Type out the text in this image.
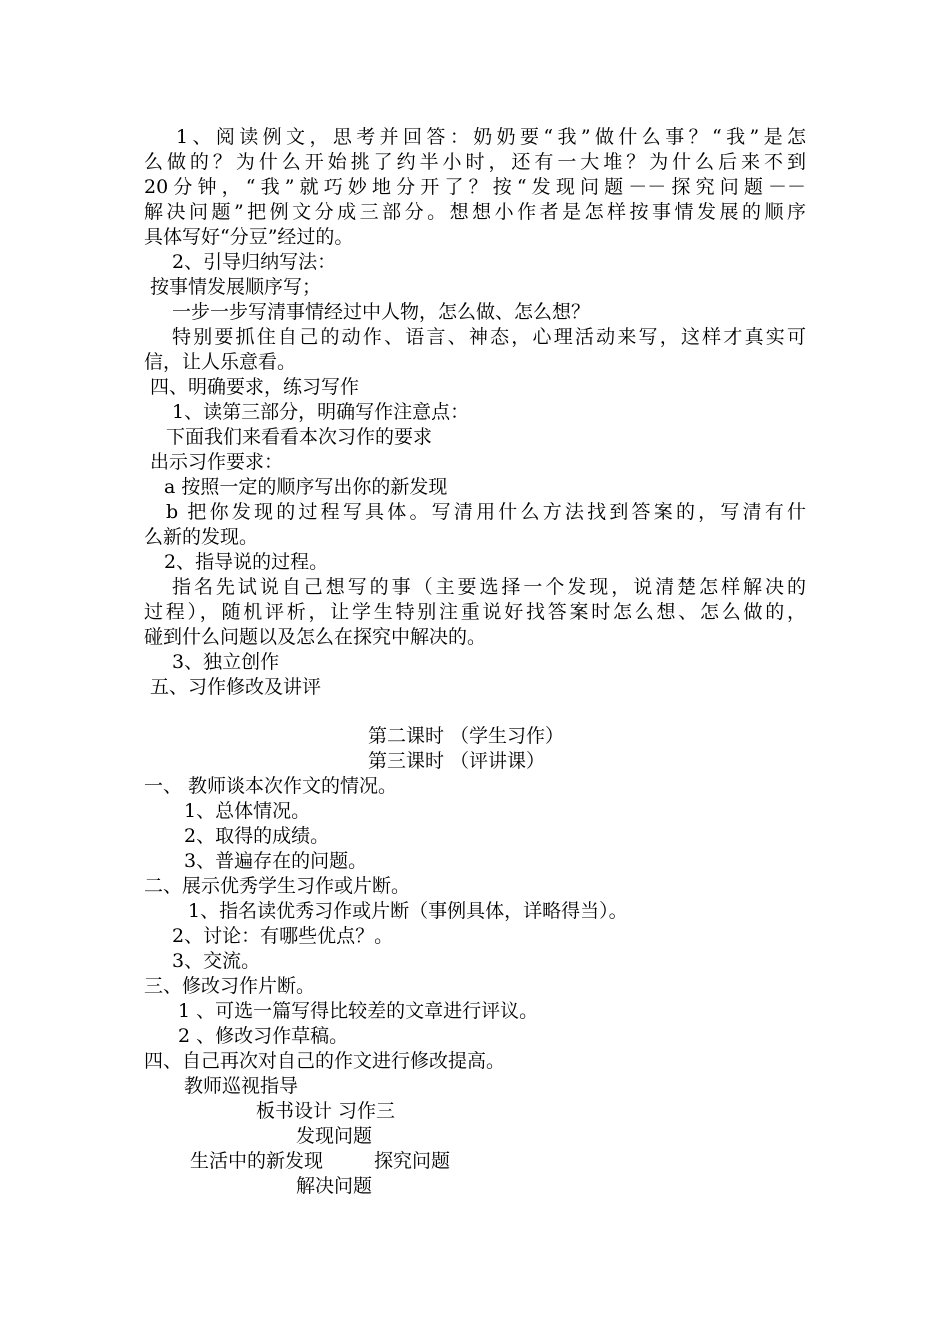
1、阅读例文，思考并回答：奶奶要“我”做什么事？“我”是怎
么做的？为什么开始挑了约半小时，还有一大堆？为什么后来不到
20分钟，“我”就巧妙地分开了？按“发现问题－－探究问题－－
解决问题”把例文分成三部分。想想小作者是怎样按事情发展的顺序
具体写好“分豆”经过的。
2、引导归纳写法：
按事情发展顺序写；
一步一步写清事情经过中人物，怎么做、怎么想？
特别要抓住自己的动作、语言、神态，心理活动来写，这样才真实可
信，让人乐意看。
四、明确要求，练习写作
1、读第三部分，明确写作注意点：
下面我们来看看本次习作的要求
出示习作要求：
a 按照一定的顺序写出你的新发现
b 把你发现的过程写具体。写清用什么方法找到答案的，写清有什
么新的发现。
2、指导说的过程。
指名先试说自己想写的事（主要选择一个发现，说清楚怎样解决的
过程），随机评析，让学生特别注重说好找答案时怎么想、怎么做的，
碰到什么问题以及怎么在探究中解决的。
3、独立创作
五、习作修改及讲评
第二课时 （学生习作）
第三课时 （评讲课）
一、 教师谈本次作文的情况。
1、总体情况。
2、取得的成绩。
3、普遍存在的问题。
二、展示优秀学生习作或片断。
1、指名读优秀习作或片断（事例具体，详略得当）。
2、讨论：有哪些优点？。
3、交流。
三、修改习作片断。
1 、可选一篇写得比较差的文章进行评议。
2 、修改习作草稿。
四、自己再次对自己的作文进行修改提高。
教师巡视指导
板书设计 习作三
发现问题
生活中的新发现	探究问题
解决问题
